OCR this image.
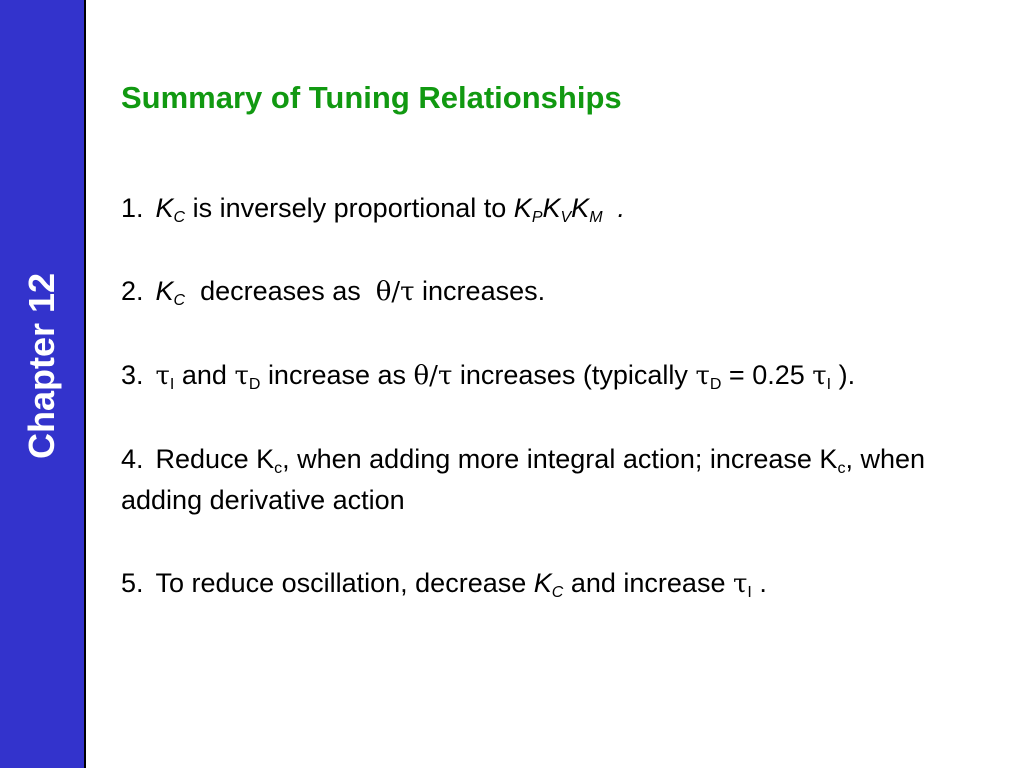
Chapter 12
Summary of Tuning Relationships
1. $K_C$ is inversely proportional to $K_PK_VK_M$ .
2. $K_C$ decreases as θ/τ increases.
3. $\tau_I$ and $\tau_D$ increase as θ/τ increases (typically $\tau_D = 0.25$ $\tau_I$ ).
4. Reduce $K_c$, when adding more integral action; increase $K_c$, when adding derivative action
5. To reduce oscillation, decrease $K_C$ and increase $\tau_I$ .
